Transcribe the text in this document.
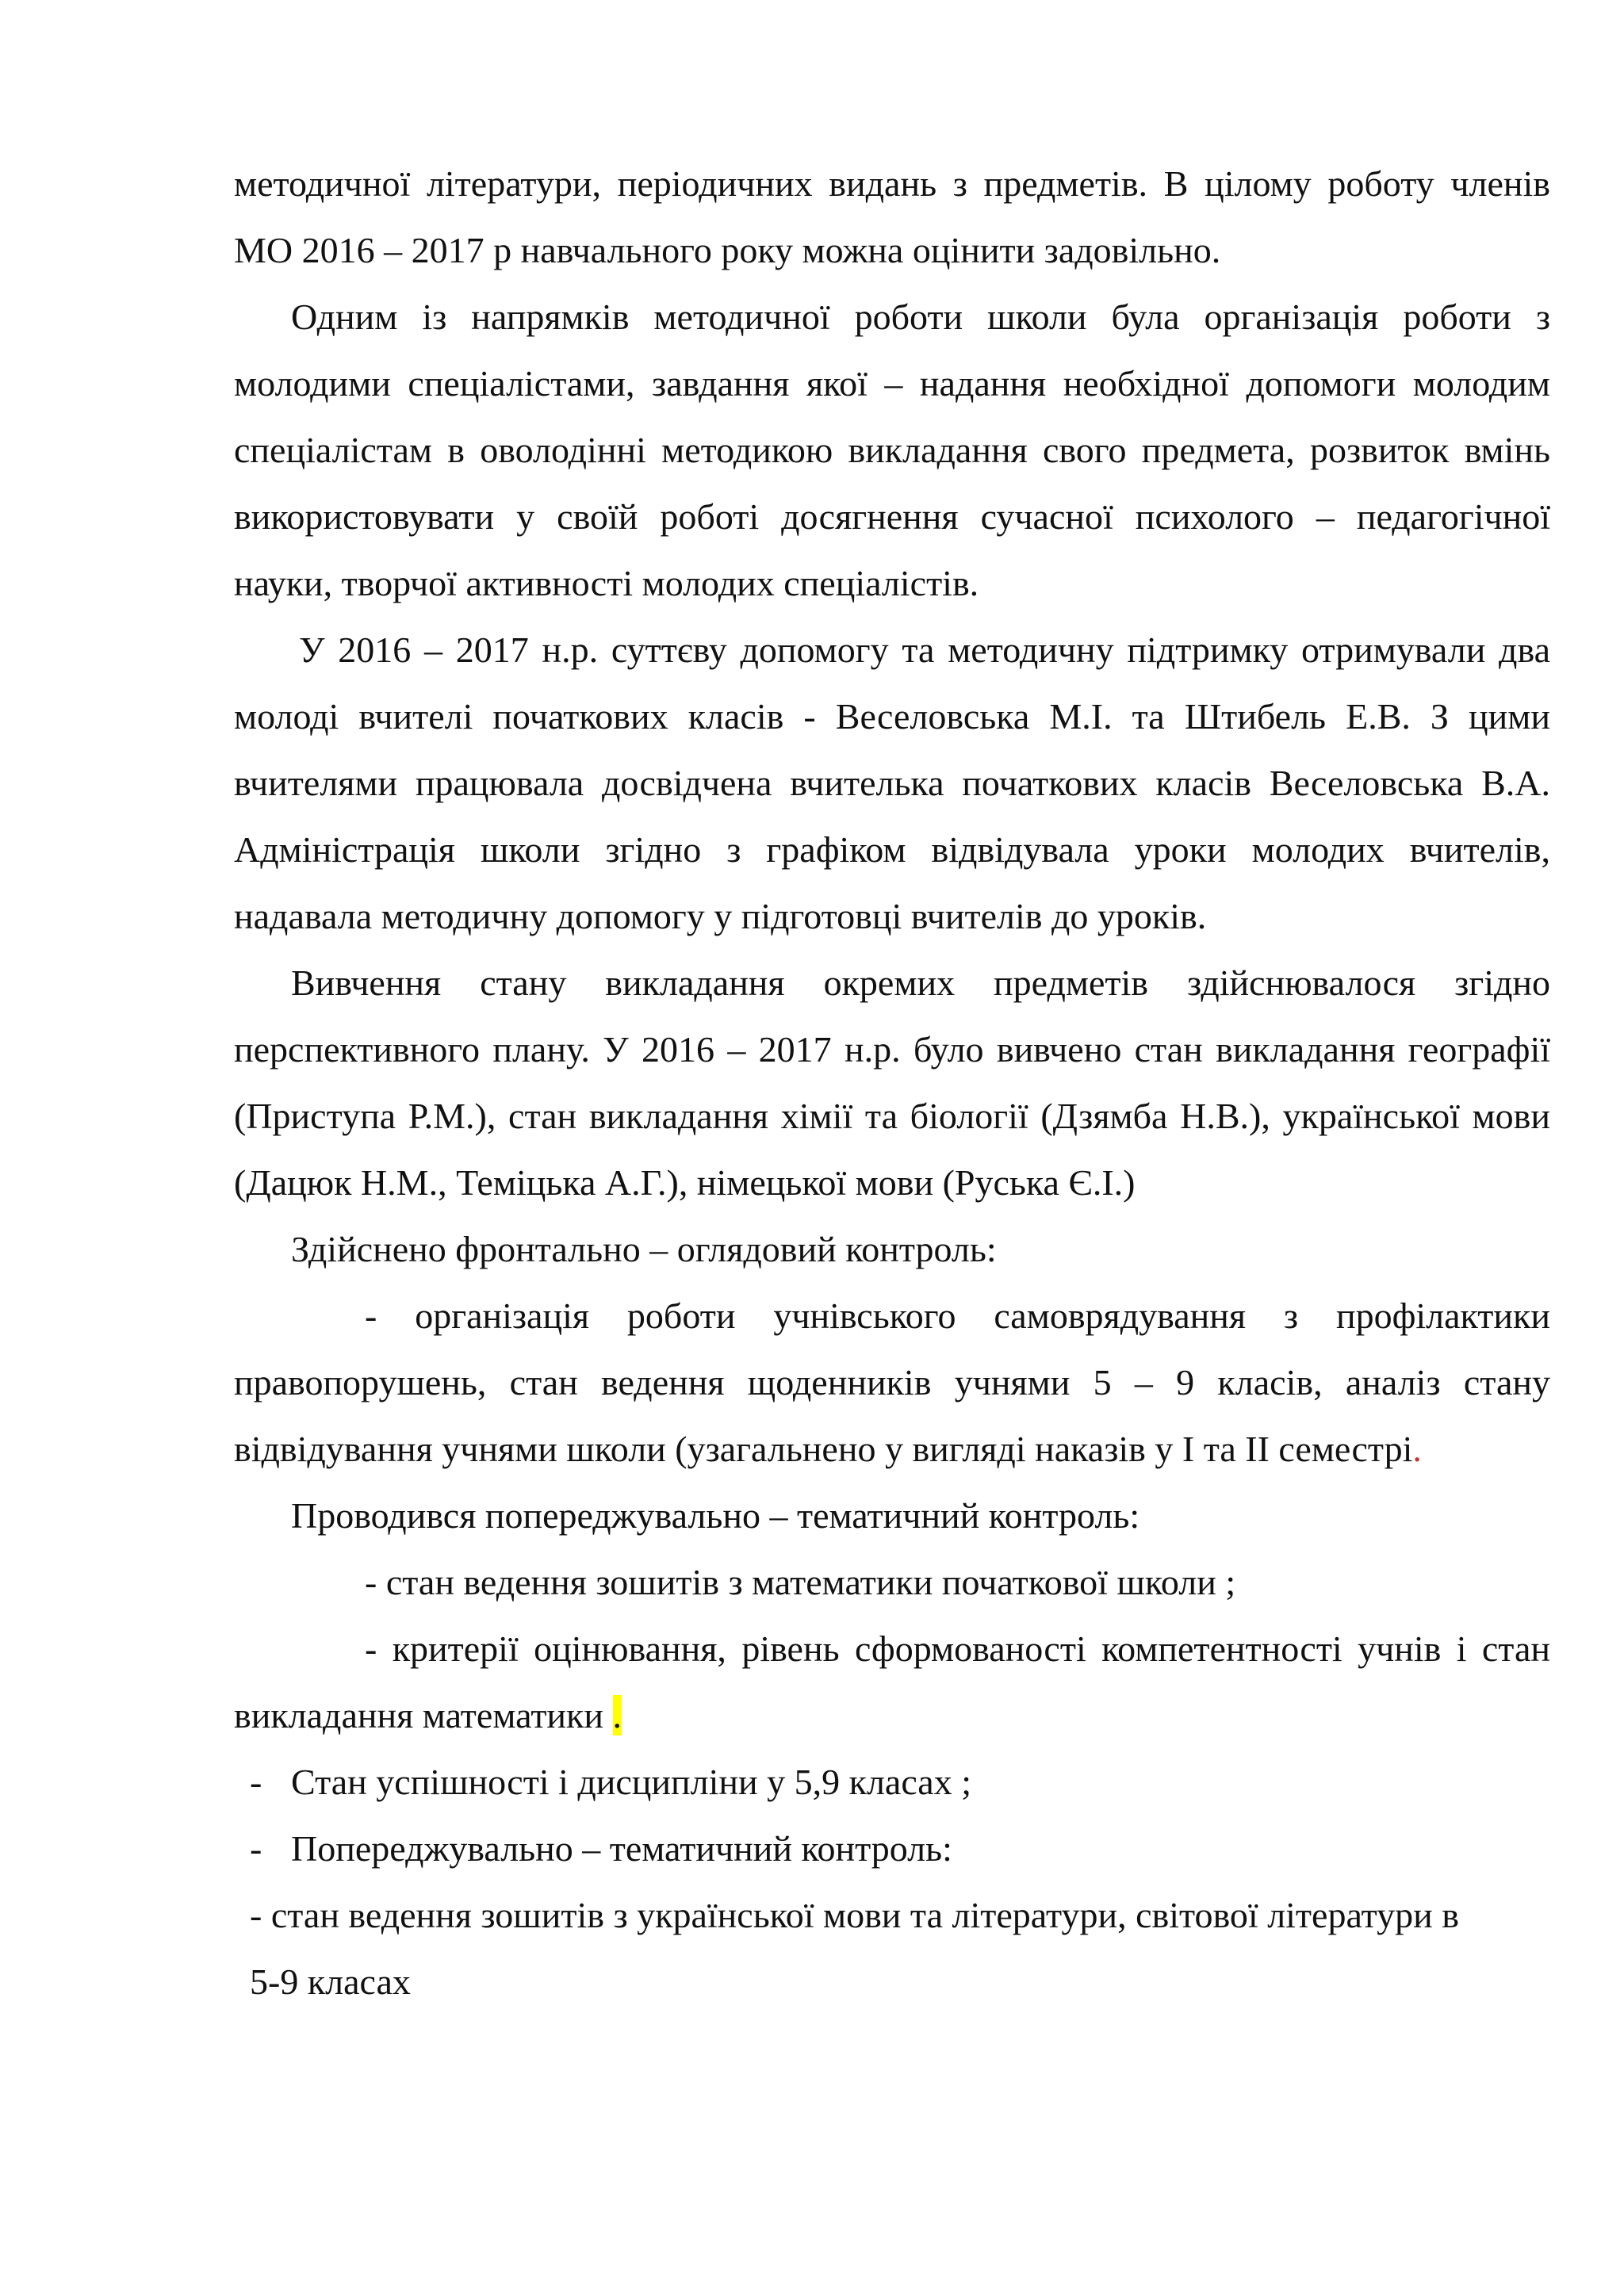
методичної літератури, періодичних видань з предметів. В цілому роботу членів МО 2016 – 2017 р навчального року можна оцінити задовільно.

Одним із напрямків методичної роботи школи була організація роботи з молодими спеціалістами, завдання якої – надання необхідної допомоги молодим спеціалістам в оволодінні методикою викладання свого предмета, розвиток вмінь використовувати у своїй роботі досягнення сучасної психолого – педагогічної науки, творчої активності молодих спеціалістів.

У 2016 – 2017 н.р. суттєву допомогу та методичну підтримку отримували два молоді вчителі початкових класів - Веселовська М.І. та Штибель Е.В. З цими вчителями працювала досвідчена вчителька початкових класів Веселовська В.А. Адміністрація школи згідно з графіком відвідувала уроки молодих вчителів, надавала методичну допомогу у підготовці вчителів до уроків.

Вивчення стану викладання окремих предметів здійснювалося згідно перспективного плану. У 2016 – 2017 н.р. було вивчено стан викладання географії (Приступа Р.М.), стан викладання хімії та біології (Дзямба Н.В.), української мови (Дацюк Н.М., Теміцька А.Г.), німецької мови (Руська Є.І.)

Здійснено фронтально – оглядовий контроль:

- організація роботи учнівського самоврядування з профілактики правопорушень, стан ведення щоденників учнями 5 – 9 класів, аналіз стану відвідування учнями школи (узагальнено у вигляді наказів у І та ІІ семестрі.

Проводився попереджувально – тематичний контроль:

- стан ведення зошитів з математики початкової школи ;

- критерії оцінювання, рівень сформованості компетентності учнів і стан викладання математики .

- Стан успішності і дисципліни у 5,9 класах ;
- Попереджувально – тематичний контроль:

- стан ведення зошитів з української мови та літератури, світової літератури в
5-9 класах
